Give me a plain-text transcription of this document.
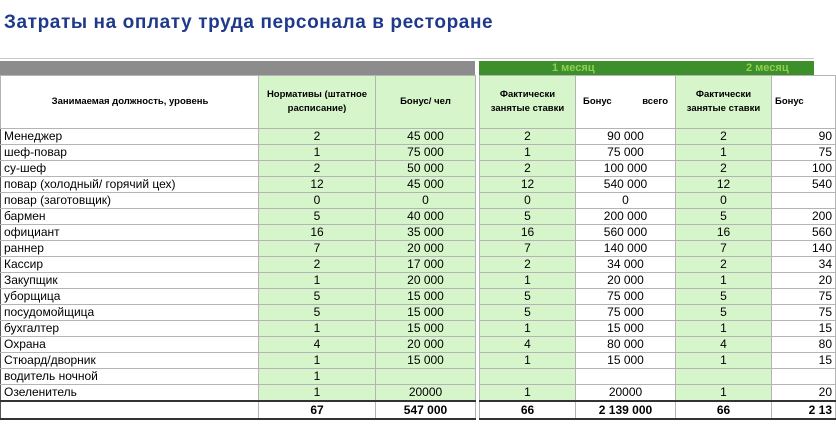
Затраты на оплату труда персонала в ресторане
1 месяц	2 месяц
Занимаемая должность, уровень	Нормативы (штатное расписание)	Бонус/ чел		Фактически занятые ставки	Бонус всего	Фактически занятые ставки	Бонус
Менеджер	2	45 000		2	90 000	2	90
шеф-повар	1	75 000		1	75 000	1	75
су-шеф	2	50 000		2	100 000	2	100
повар (холодный/ горячий цех)	12	45 000		12	540 000	12	540
повар (заготовщик)	0	0		0	0	0	
бармен	5	40 000		5	200 000	5	200
официант	16	35 000		16	560 000	16	560
раннер	7	20 000		7	140 000	7	140
Кассир	2	17 000		2	34 000	2	34
Закупщик	1	20 000		1	20 000	1	20
уборщица	5	15 000		5	75 000	5	75
посудомойщица	5	15 000		5	75 000	5	75
бухгалтер	1	15 000		1	15 000	1	15
Охрана	4	20 000		4	80 000	4	80
Стюард/дворник	1	15 000		1	15 000	1	15
водитель ночной	1						
Озеленитель	1	20000		1	20000	1	20
	67	547 000		66	2 139 000	66	2 13
